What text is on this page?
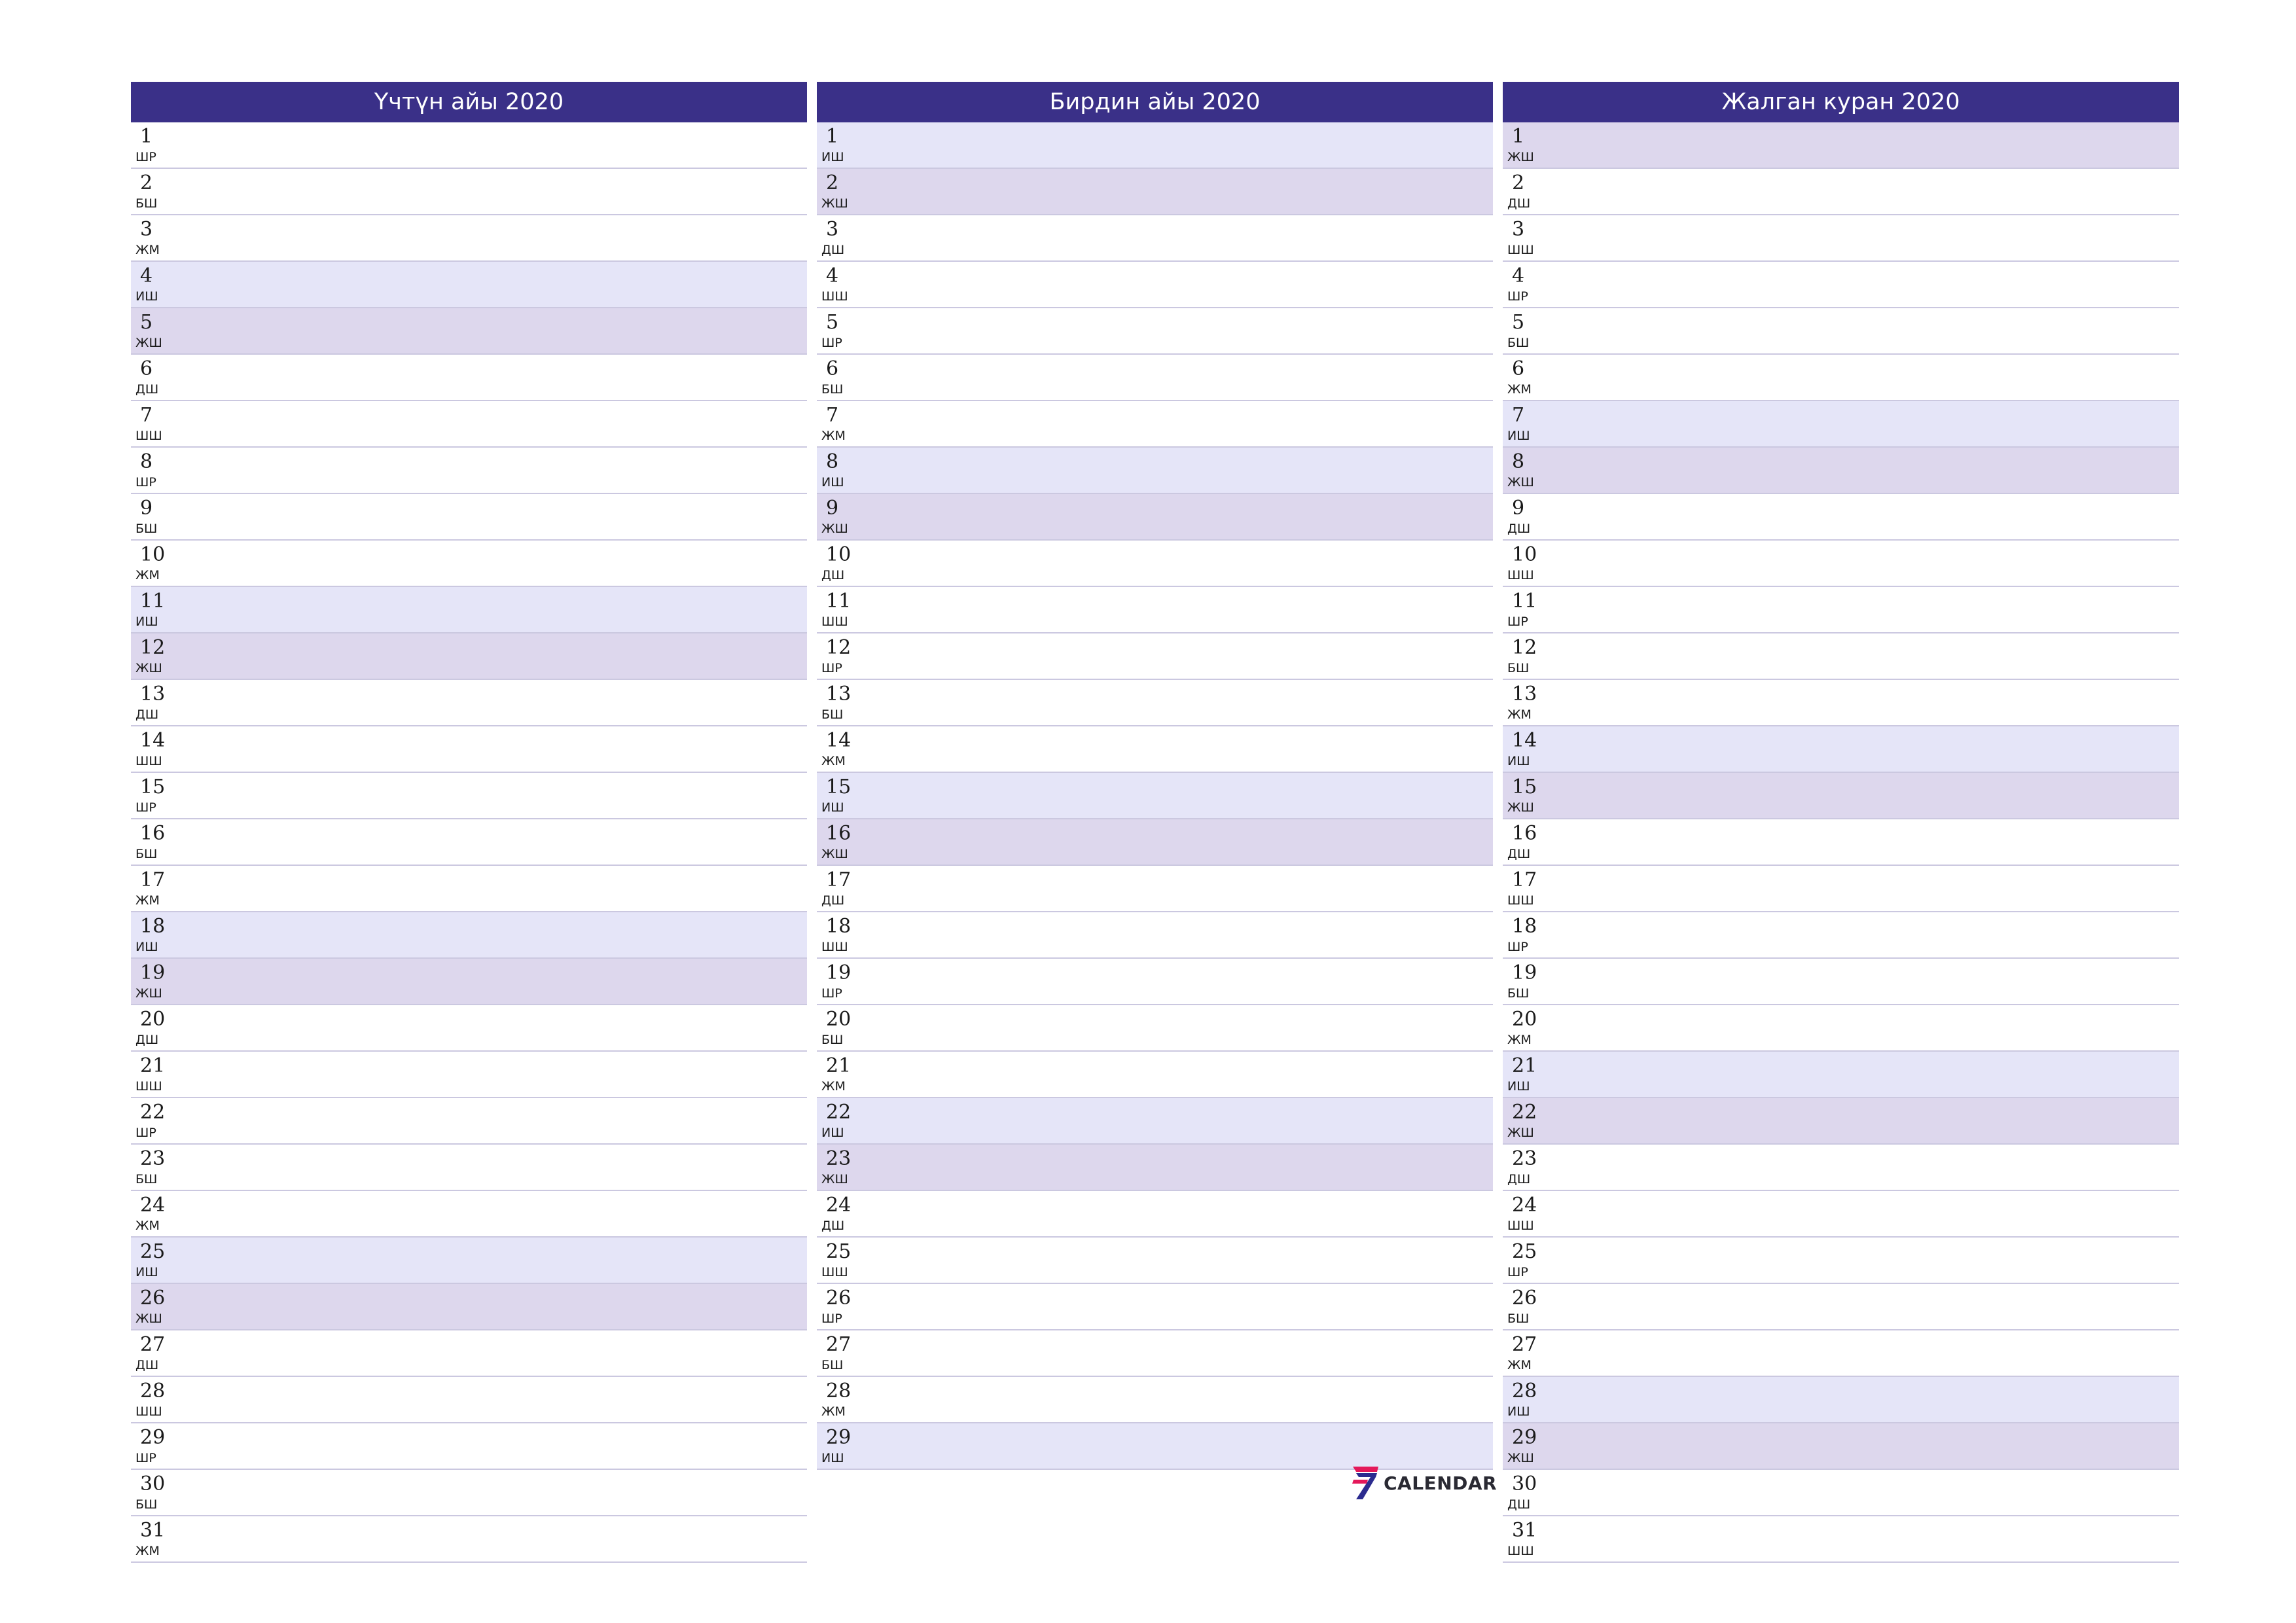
Үчтүн айы 2020
1
ШР
2
БШ
3
ЖМ
4
ИШ
5
ЖШ
6
ДШ
7
ШШ
8
ШР
9
БШ
10
ЖМ
11
ИШ
12
ЖШ
13
ДШ
14
ШШ
15
ШР
16
БШ
17
ЖМ
18
ИШ
19
ЖШ
20
ДШ
21
ШШ
22
ШР
23
БШ
24
ЖМ
25
ИШ
26
ЖШ
27
ДШ
28
ШШ
29
ШР
30
БШ
31
ЖМ
Бирдин айы 2020
1
ИШ
2
ЖШ
3
ДШ
4
ШШ
5
ШР
6
БШ
7
ЖМ
8
ИШ
9
ЖШ
10
ДШ
11
ШШ
12
ШР
13
БШ
14
ЖМ
15
ИШ
16
ЖШ
17
ДШ
18
ШШ
19
ШР
20
БШ
21
ЖМ
22
ИШ
23
ЖШ
24
ДШ
25
ШШ
26
ШР
27
БШ
28
ЖМ
29
ИШ
Жалган куран 2020
1
ЖШ
2
ДШ
3
ШШ
4
ШР
5
БШ
6
ЖМ
7
ИШ
8
ЖШ
9
ДШ
10
ШШ
11
ШР
12
БШ
13
ЖМ
14
ИШ
15
ЖШ
16
ДШ
17
ШШ
18
ШР
19
БШ
20
ЖМ
21
ИШ
22
ЖШ
23
ДШ
24
ШШ
25
ШР
26
БШ
27
ЖМ
28
ИШ
29
ЖШ
30
ДШ
31
ШШ
CALENDAR
